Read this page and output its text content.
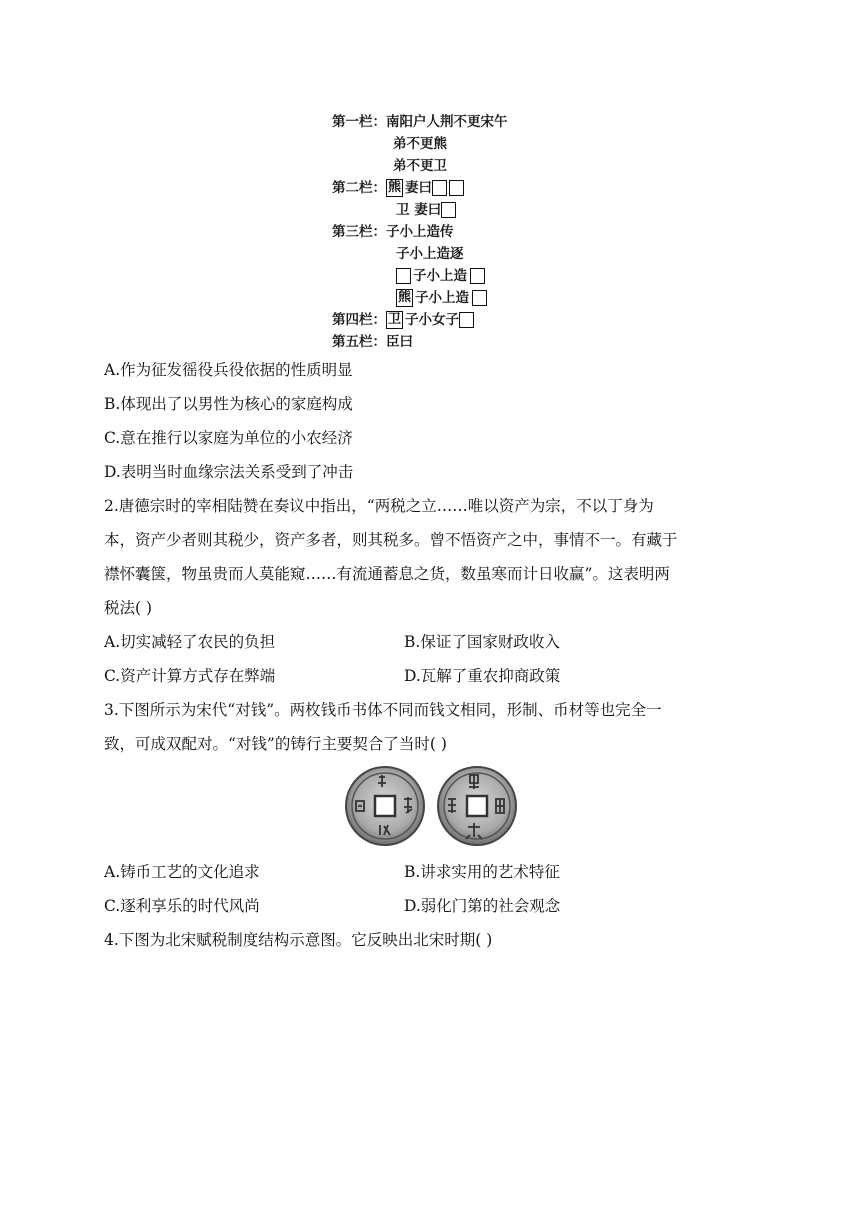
第一栏： 南阳户人荆不更宋午
弟不更熊
弟不更卫
第二栏： 熊 妻曰
卫 妻曰
第三栏： 子小上造传
子小上造逐
子小上造
熊 子小上造
第四栏： 卫 子小女子
第五栏： 臣曰
A.作为征发徭役兵役依据的性质明显
B.体现出了以男性为核心的家庭构成
C.意在推行以家庭为单位的小农经济
D.表明当时血缘宗法关系受到了冲击
2.唐德宗时的宰相陆赞在奏议中指出，“两税之立……唯以资产为宗，不以丁身为
本，资产少者则其税少，资产多者，则其税多。曾不悟资产之中，事情不一。有藏于
襟怀囊箧，物虽贵而人莫能窥……有流通蓄息之货，数虽寒而计日收赢”。这表明两
税法( )
A.切实减轻了农民的负担	B.保证了国家财政收入
C.资产计算方式存在弊端	D.瓦解了重农抑商政策
3.下图所示为宋代“对钱”。两枚钱币书体不同而钱文相同，形制、币材等也完全一
致，可成双配对。“对钱”的铸行主要契合了当时( )
A.铸币工艺的文化追求	B.讲求实用的艺术特征
C.逐利享乐的时代风尚	D.弱化门第的社会观念
4.下图为北宋赋税制度结构示意图。它反映出北宋时期( )
